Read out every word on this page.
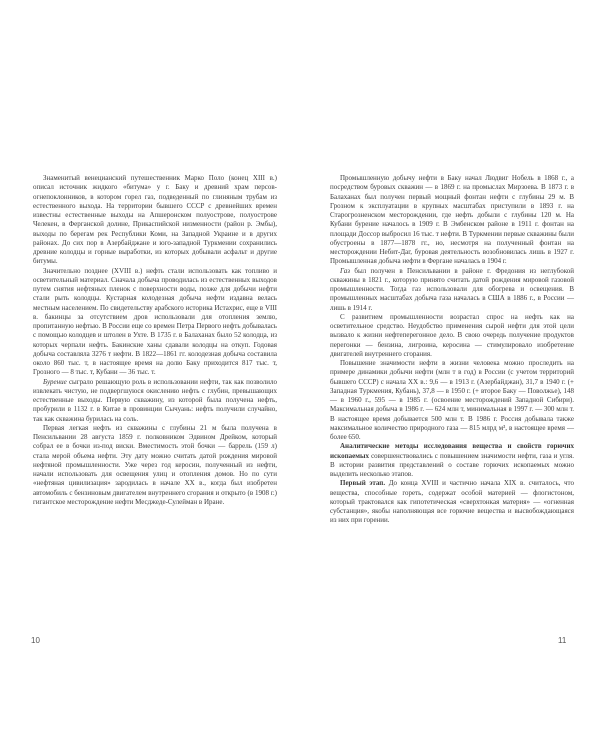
Знаменитый венецианский путешественник Марко Поло (конец XIII в.) описал источник жидкого «битума» у г. Баку и древний храм персов-огнепоклонников, в котором горел газ, подведенный по глиняным трубам из естественного выхода. На территории бывшего СССР с древнейших времен известны естественные выходы на Апшеронском полуострове, полуострове Челекен, в Ферганской долине, Прикаспийской низменности (район р. Эмбы), выходы по берегам рек Республики Коми, на Западной Украине и в других районах. До сих пор в Азербайджане и юго-западной Туркмении сохранились древние колодцы и горные выработки, из которых добывали асфальт и другие битумы.

Значительно позднее (XVIII в.) нефть стали использовать как топливо и осветительный материал. Сначала добыча проводилась из естественных выходов путем снятия нефтяных пленок с поверхности воды, позже для добычи нефти стали рыть колодцы. Кустарная колодезная добыча нефти издавна велась местным населением. По свидетельству арабского историка Истахрис, еще в VIII в. бакинцы за отсутствием дров использовали для отопления землю, пропитанную нефтью. В России еще со времен Петра Первого нефть добывалась с помощью колодцев и штолен в Ухте. В 1735 г. в Балаханах было 52 колодца, из которых черпали нефть. Бакинские ханы сдавали колодцы на откуп. Годовая добыча составляла 3276 т нефти. В 1822—1861 гг. колодезная добыча составила около 860 тыс. т, в настоящее время на долю Баку приходится 817 тыс. т, Грозного — 8 тыс. т, Кубани — 36 тыс. т.

Бурение сыграло решающую роль в использовании нефти, так как позволило извлекать чистую, не подвергшуюся окислению нефть с глубин, превышающих естественные выходы. Первую скважину, из которой была получена нефть, пробурили в 1132 г. в Китае в провинции Сычуань: нефть получили случайно, так как скважина бурилась на соль.

Первая легкая нефть из скважины с глубины 21 м была получена в Пенсильвании 28 августа 1859 г. полковником Эдвином Дрейком, который собрал ее в бочки из-под виски. Вместимость этой бочки — баррель (159 л) стала мерой объема нефти. Эту дату можно считать датой рождения мировой нефтяной промышленности. Уже через год керосин, полученный из нефти, начали использовать для освещения улиц и отопления домов. Но по сути «нефтяная цивилизация» зародилась в начале XX в., когда был изобретен автомобиль с бензиновым двигателем внутреннего сгорания и открыто (в 1908 г.) гигантское месторождение нефти Месджеде-Сулейман в Иране.

10

Промышленную добычу нефти в Баку начал Людвиг Нобель в 1868 г., а посредством буровых скважин — в 1869 г. на промыслах Мирзоева. В 1873 г. в Балаханах был получен первый мощный фонтан нефти с глубины 29 м. В Грозном к эксплуатации в крупных масштабах приступили в 1893 г. на Старогрозненском месторождении, где нефть добыли с глубины 120 м. На Кубани бурение началось в 1909 г. В Эмбенском районе в 1911 г. фонтан на площади Доссор выбросил 16 тыс. т нефти. В Туркмении первые скважины были обустроены в 1877—1878 гг., но, несмотря на полученный фонтан на месторождении Небит-Даг, буровая деятельность возобновилась лишь в 1927 г. Промышленная добыча нефти в Фергане началась в 1904 г.

Газ был получен в Пенсильвании в районе г. Фредония из неглубокой скважины в 1821 г., которую принято считать датой рождения мировой газовой промышленности. Тогда газ использовали для обогрева и освещения. В промышленных масштабах добыча газа началась в США в 1886 г., в России — лишь в 1914 г.

С развитием промышленности возрастал спрос на нефть как на осветительное средство. Неудобство применения сырой нефти для этой цели вызвало к жизни нефтеперегонное дело. В свою очередь получение продуктов перегонки — бензина, лигроина, керосина — стимулировало изобретение двигателей внутреннего сгорания.

Повышение значимости нефти в жизни человека можно проследить на примере динамики добычи нефти (млн т в год) в России (с учетом территорий бывшего СССР) с начала XX в.: 9,6 — в 1913 г. (Азербайджан), 31,7 в 1940 г. (+ Западная Туркмения, Кубань), 37,8 — в 1950 г. (+ второе Баку — Поволжье), 148 — в 1960 г., 595 — в 1985 г. (освоение месторождений Западной Сибири). Максимальная добыча в 1986 г. — 624 млн т, минимальная в 1997 г. — 300 млн т. В настоящее время добывается 500 млн т. В 1986 г. Россия добывала также максимальное количество природного газа — 815 млрд м³, в настоящее время — более 650.

Аналитические методы исследования вещества и свойств горючих ископаемых совершенствовались с повышением значимости нефти, газа и угля. В истории развития представлений о составе горючих ископаемых можно выделить несколько этапов.

Первый этап. До конца XVIII и частично начала XIX в. считалось, что вещества, способные гореть, содержат особой материей — флогистоном, который трактовался как гипотетическая «сверхтонкая материя» — «огненная субстанция», якобы наполняющая все горючие вещества и высвобождающаяся из них при горении.

11
